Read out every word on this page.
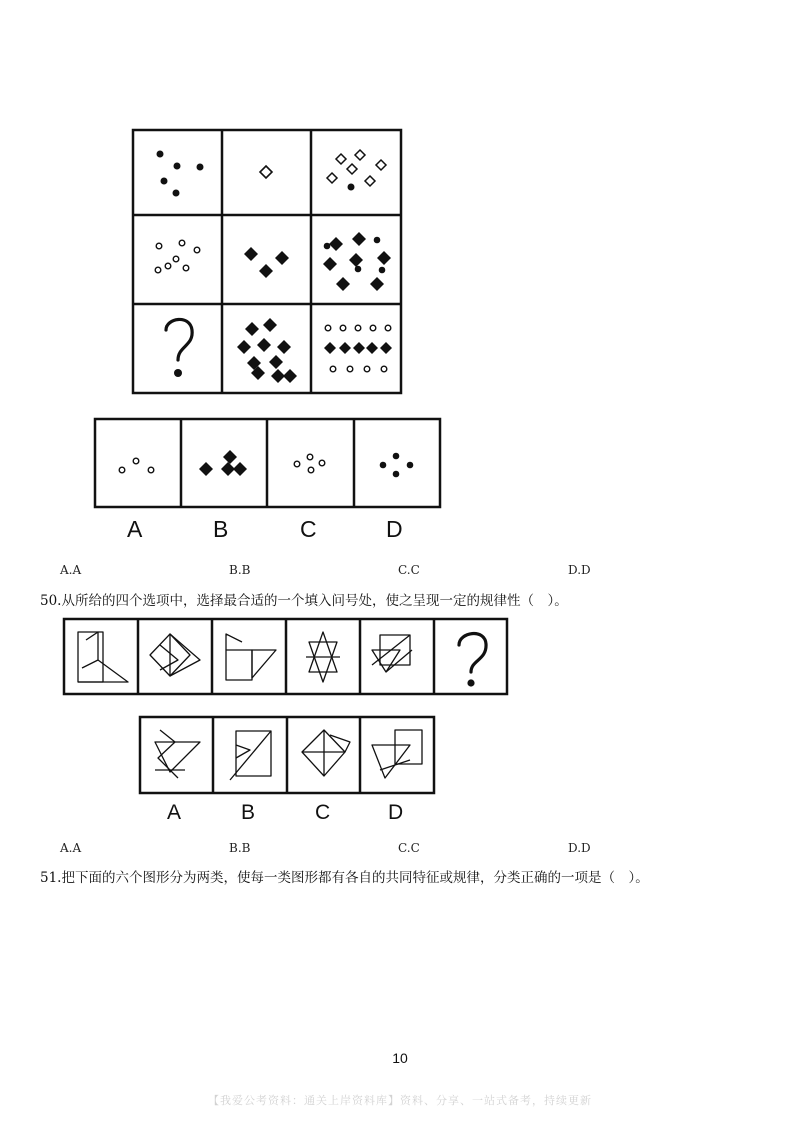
A	B	C	D
A.A	B.B	C.C	D.D
50.从所给的四个选项中，选择最合适的一个填入问号处，使之呈现一定的规律性（　）。
A	B	C	D
A.A	B.B	C.C	D.D
51.把下面的六个图形分为两类，使每一类图形都有各自的共同特征或规律，分类正确的一项是（　）。
10
【我爱公考资料：通关上岸资料库】资料、分享、一站式备考，持续更新
